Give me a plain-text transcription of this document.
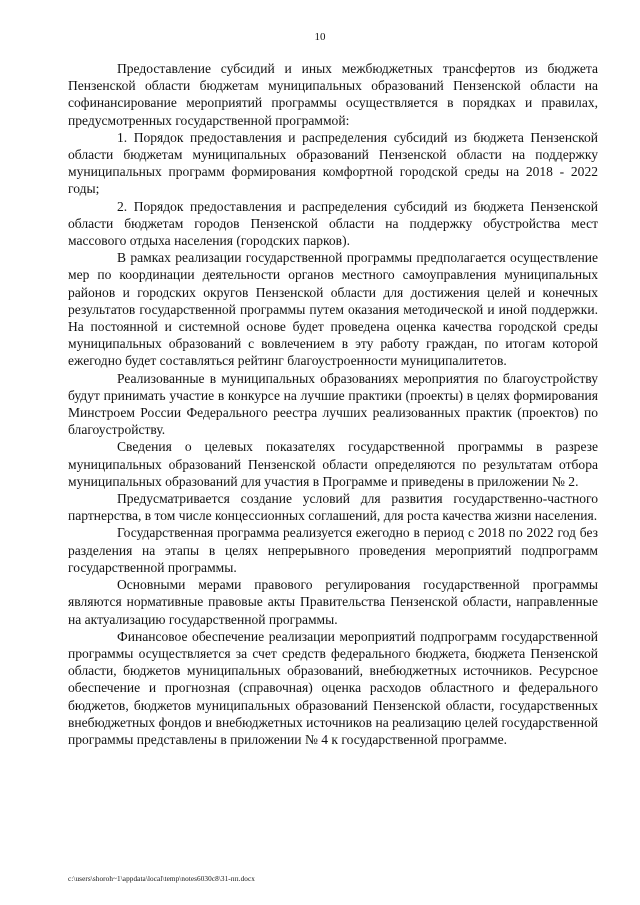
10

Предоставление субсидий и иных межбюджетных трансфертов из бюджета Пензенской области бюджетам муниципальных образований Пензенской области на софинансирование мероприятий программы осуществляется в порядках и правилах, предусмотренных государственной программой:

1. Порядок предоставления и распределения субсидий из бюджета Пензенской области бюджетам муниципальных образований Пензенской области на поддержку муниципальных программ формирования комфортной городской среды на 2018 - 2022 годы;

2. Порядок предоставления и распределения субсидий из бюджета Пензенской области бюджетам городов Пензенской области на поддержку обустройства мест массового отдыха населения (городских парков).

В рамках реализации государственной программы предполагается осуществление мер по координации деятельности органов местного самоуправления муниципальных районов и городских округов Пензенской области для достижения целей и конечных результатов государственной программы путем оказания методической и иной поддержки. На постоянной и системной основе будет проведена оценка качества городской среды муниципальных образований с вовлечением в эту работу граждан, по итогам которой ежегодно будет составляться рейтинг благоустроенности муниципалитетов.

Реализованные в муниципальных образованиях мероприятия по благоустройству будут принимать участие в конкурсе на лучшие практики (проекты) в целях формирования Минстроем России Федерального реестра лучших реализованных практик (проектов) по благоустройству.

Сведения о целевых показателях государственной программы в разрезе муниципальных образований Пензенской области определяются по результатам отбора муниципальных образований для участия в Программе и приведены в приложении № 2.

Предусматривается создание условий для развития государственно-частного партнерства, в том числе концессионных соглашений, для роста качества жизни населения.

Государственная программа реализуется ежегодно в период с 2018 по 2022 год без разделения на этапы в целях непрерывного проведения мероприятий подпрограмм государственной программы.

Основными мерами правового регулирования государственной программы являются нормативные правовые акты Правительства Пензенской области, направленные на актуализацию государственной программы.

Финансовое обеспечение реализации мероприятий подпрограмм государственной программы осуществляется за счет средств федерального бюджета, бюджета Пензенской области, бюджетов муниципальных образований, внебюджетных источников. Ресурсное обеспечение и прогнозная (справочная) оценка расходов областного и федерального бюджетов, бюджетов муниципальных образований Пензенской области, государственных внебюджетных фондов и внебюджетных источников на реализацию целей государственной программы представлены в приложении № 4 к государственной программе.

c:\users\shoroh~1\appdata\local\temp\notes6030c8\31-пп.docx
